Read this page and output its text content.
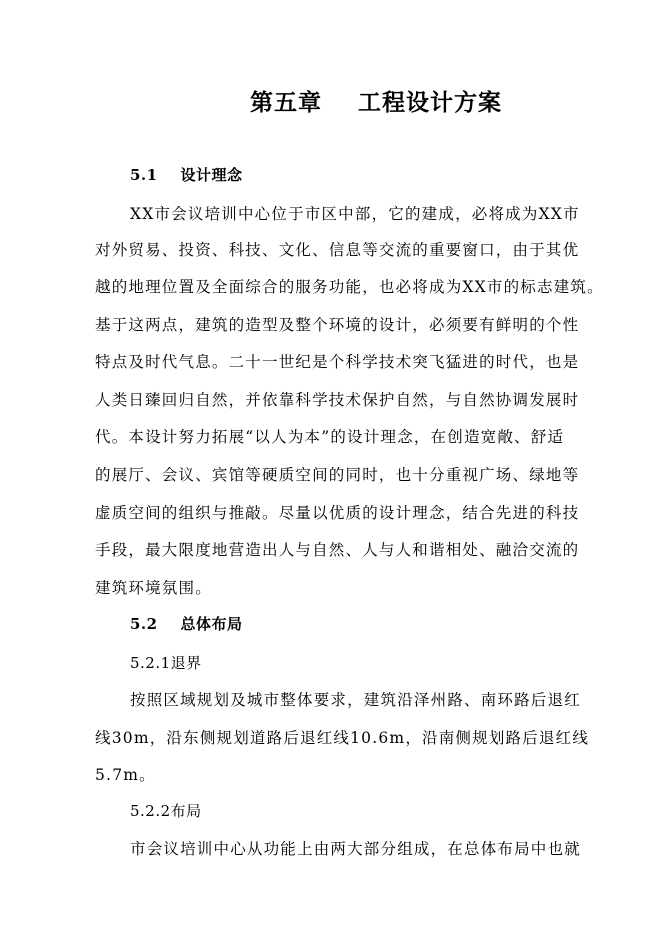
第五章    工程设计方案
5.1    设计理念
XX市会议培训中心位于市区中部，它的建成，必将成为XX市
对外贸易、投资、科技、文化、信息等交流的重要窗口，由于其优
越的地理位置及全面综合的服务功能，也必将成为XX市的标志建筑。
基于这两点，建筑的造型及整个环境的设计，必须要有鲜明的个性
特点及时代气息。二十一世纪是个科学技术突飞猛进的时代，也是
人类日臻回归自然，并依靠科学技术保护自然，与自然协调发展时
代。本设计努力拓展“以人为本”的设计理念，在创造宽敞、舒适
的展厅、会议、宾馆等硬质空间的同时，也十分重视广场、绿地等
虚质空间的组织与推敲。尽量以优质的设计理念，结合先进的科技
手段，最大限度地营造出人与自然、人与人和谐相处、融洽交流的
建筑环境氛围。
5.2    总体布局
5.2.1退界
按照区域规划及城市整体要求，建筑沿泽州路、南环路后退红
线30m，沿东侧规划道路后退红线10.6m，沿南侧规划路后退红线
5.7m。
5.2.2布局
市会议培训中心从功能上由两大部分组成，在总体布局中也就
